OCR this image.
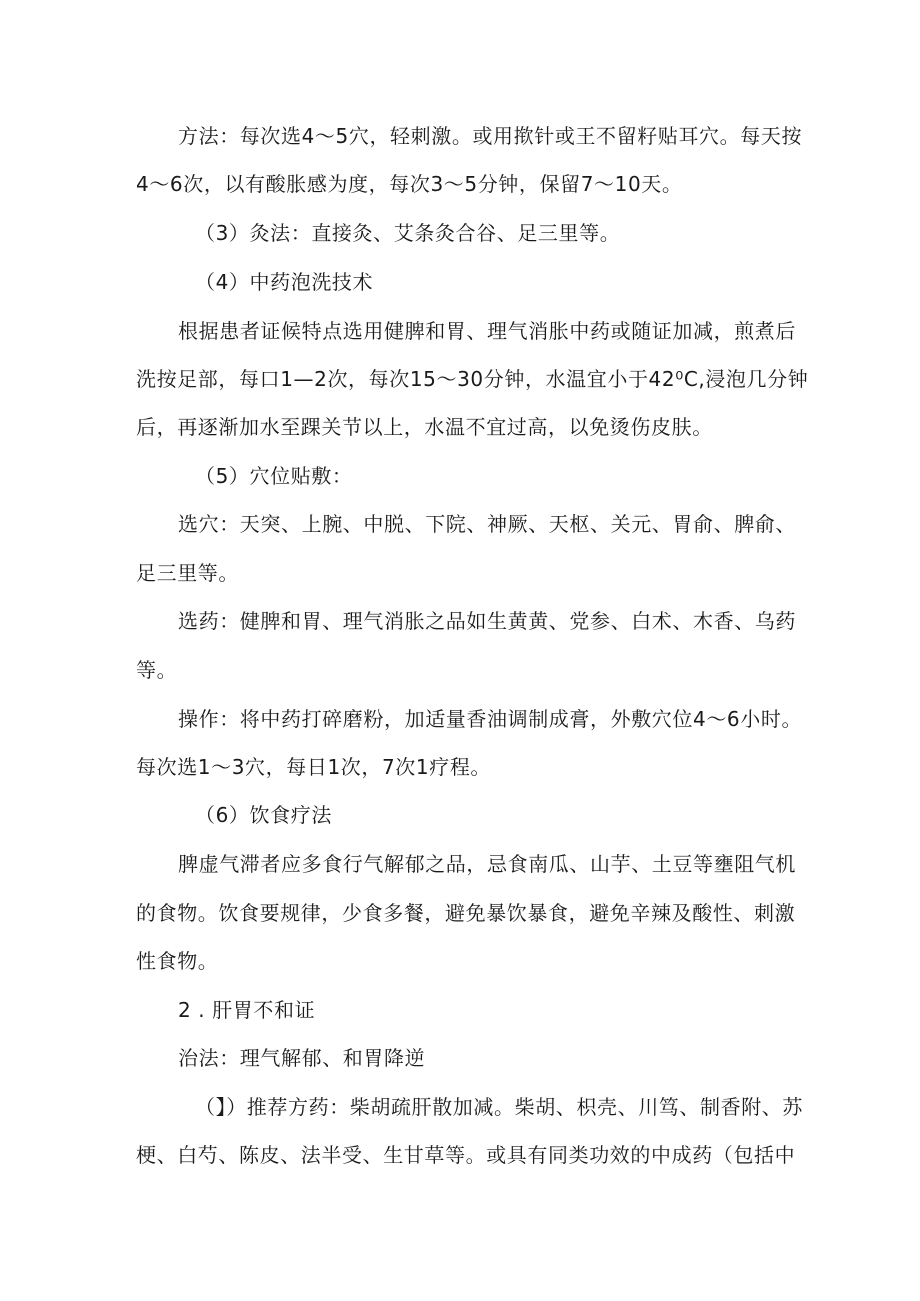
方法：每次选4～5穴，轻刺激。或用揿针或王不留籽贴耳穴。每天按
4～6次，以有酸胀感为度，每次3～5分钟，保留7～10天。
（3）灸法：直接灸、艾条灸合谷、足三里等。
（4）中药泡洗技术
根据患者证候特点选用健脾和胃、理气消胀中药或随证加减，煎煮后
洗按足部，每口1—2次，每次15～30分钟，水温宜小于42⁰C,浸泡几分钟
后，再逐渐加水至踝关节以上，水温不宜过高，以免烫伤皮肤。
（5）穴位贴敷：
选穴：天突、上腕、中脱、下院、神厥、天枢、关元、胃俞、脾俞、
足三里等。
选药：健脾和胃、理气消胀之品如生黄黄、党参、白术、木香、乌药
等。
操作：将中药打碎磨粉，加适量香油调制成膏，外敷穴位4～6小时。
每次选1～3穴，每日1次，7次1疗程。
（6）饮食疗法
脾虚气滞者应多食行气解郁之品，忌食南瓜、山芋、土豆等壅阻气机
的食物。饮食要规律，少食多餐，避免暴饮暴食，避免辛辣及酸性、刺激
性食物。
2 . 肝胃不和证
治法：理气解郁、和胃降逆
（】）推荐方药：柴胡疏肝散加减。柴胡、枳壳、川笃、制香附、苏
梗、白芍、陈皮、法半受、生甘草等。或具有同类功效的中成药（包括中
